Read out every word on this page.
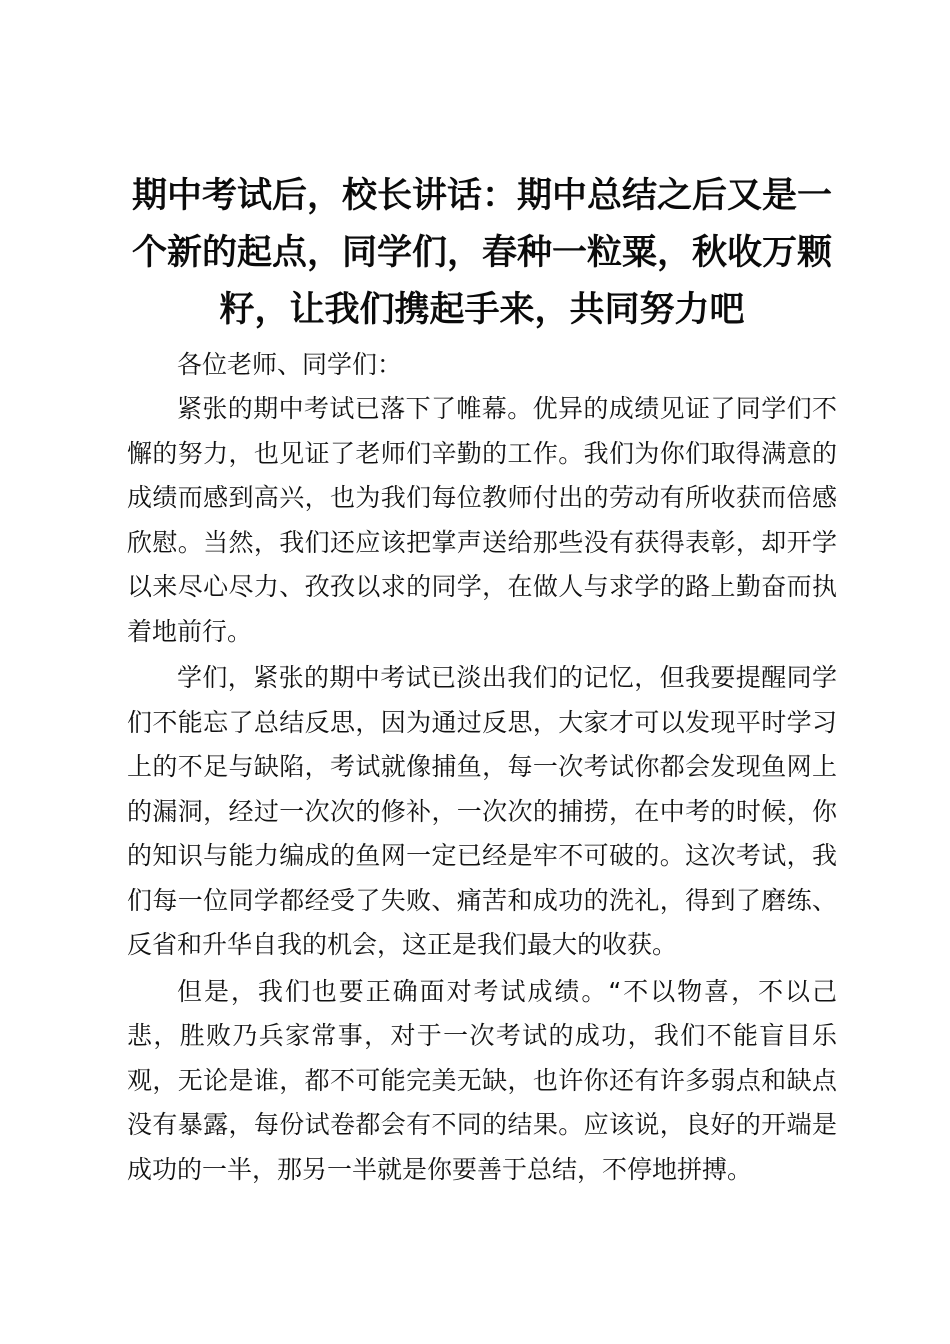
期中考试后，校长讲话：期中总结之后又是一个新的起点，同学们，春种一粒粟，秋收万颗籽，让我们携起手来，共同努力吧

各位老师、同学们：

紧张的期中考试已落下了帷幕。优异的成绩见证了同学们不懈的努力，也见证了老师们辛勤的工作。我们为你们取得满意的成绩而感到高兴，也为我们每位教师付出的劳动有所收获而倍感欣慰。当然，我们还应该把掌声送给那些没有获得表彰，却开学以来尽心尽力、孜孜以求的同学，在做人与求学的路上勤奋而执着地前行。

学们，紧张的期中考试已淡出我们的记忆，但我要提醒同学们不能忘了总结反思，因为通过反思，大家才可以发现平时学习上的不足与缺陷，考试就像捕鱼，每一次考试你都会发现鱼网上的漏洞，经过一次次的修补，一次次的捕捞，在中考的时候，你的知识与能力编成的鱼网一定已经是牢不可破的。这次考试，我们每一位同学都经受了失败、痛苦和成功的洗礼，得到了磨练、反省和升华自我的机会，这正是我们最大的收获。

但是，我们也要正确面对考试成绩。“不以物喜，不以己悲，胜败乃兵家常事，对于一次考试的成功，我们不能盲目乐观，无论是谁，都不可能完美无缺，也许你还有许多弱点和缺点没有暴露，每份试卷都会有不同的结果。应该说，良好的开端是成功的一半，那另一半就是你要善于总结，不停地拼搏。
